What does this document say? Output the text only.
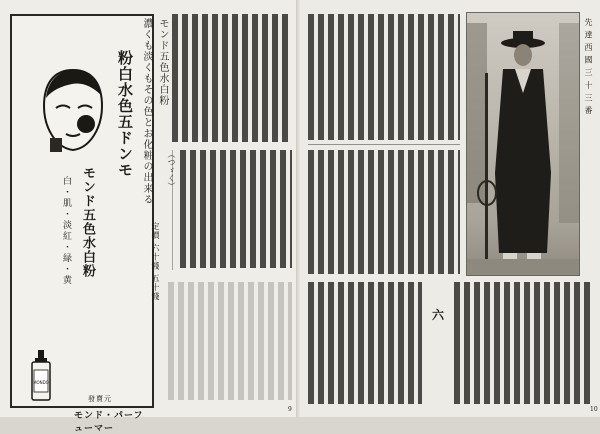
粉白水色五ドンモ
モンド五色水白粉
白・肌・淡紅・緑・黄
MONDO
發賣元
モンド・パーフューマー
濃くも淡くもその色とお化粧の出来る モンド五色水白粉
定價 六十錢 五十錢
（つゞく）
9
先 達 西 國 三 十 三 番
六
10
